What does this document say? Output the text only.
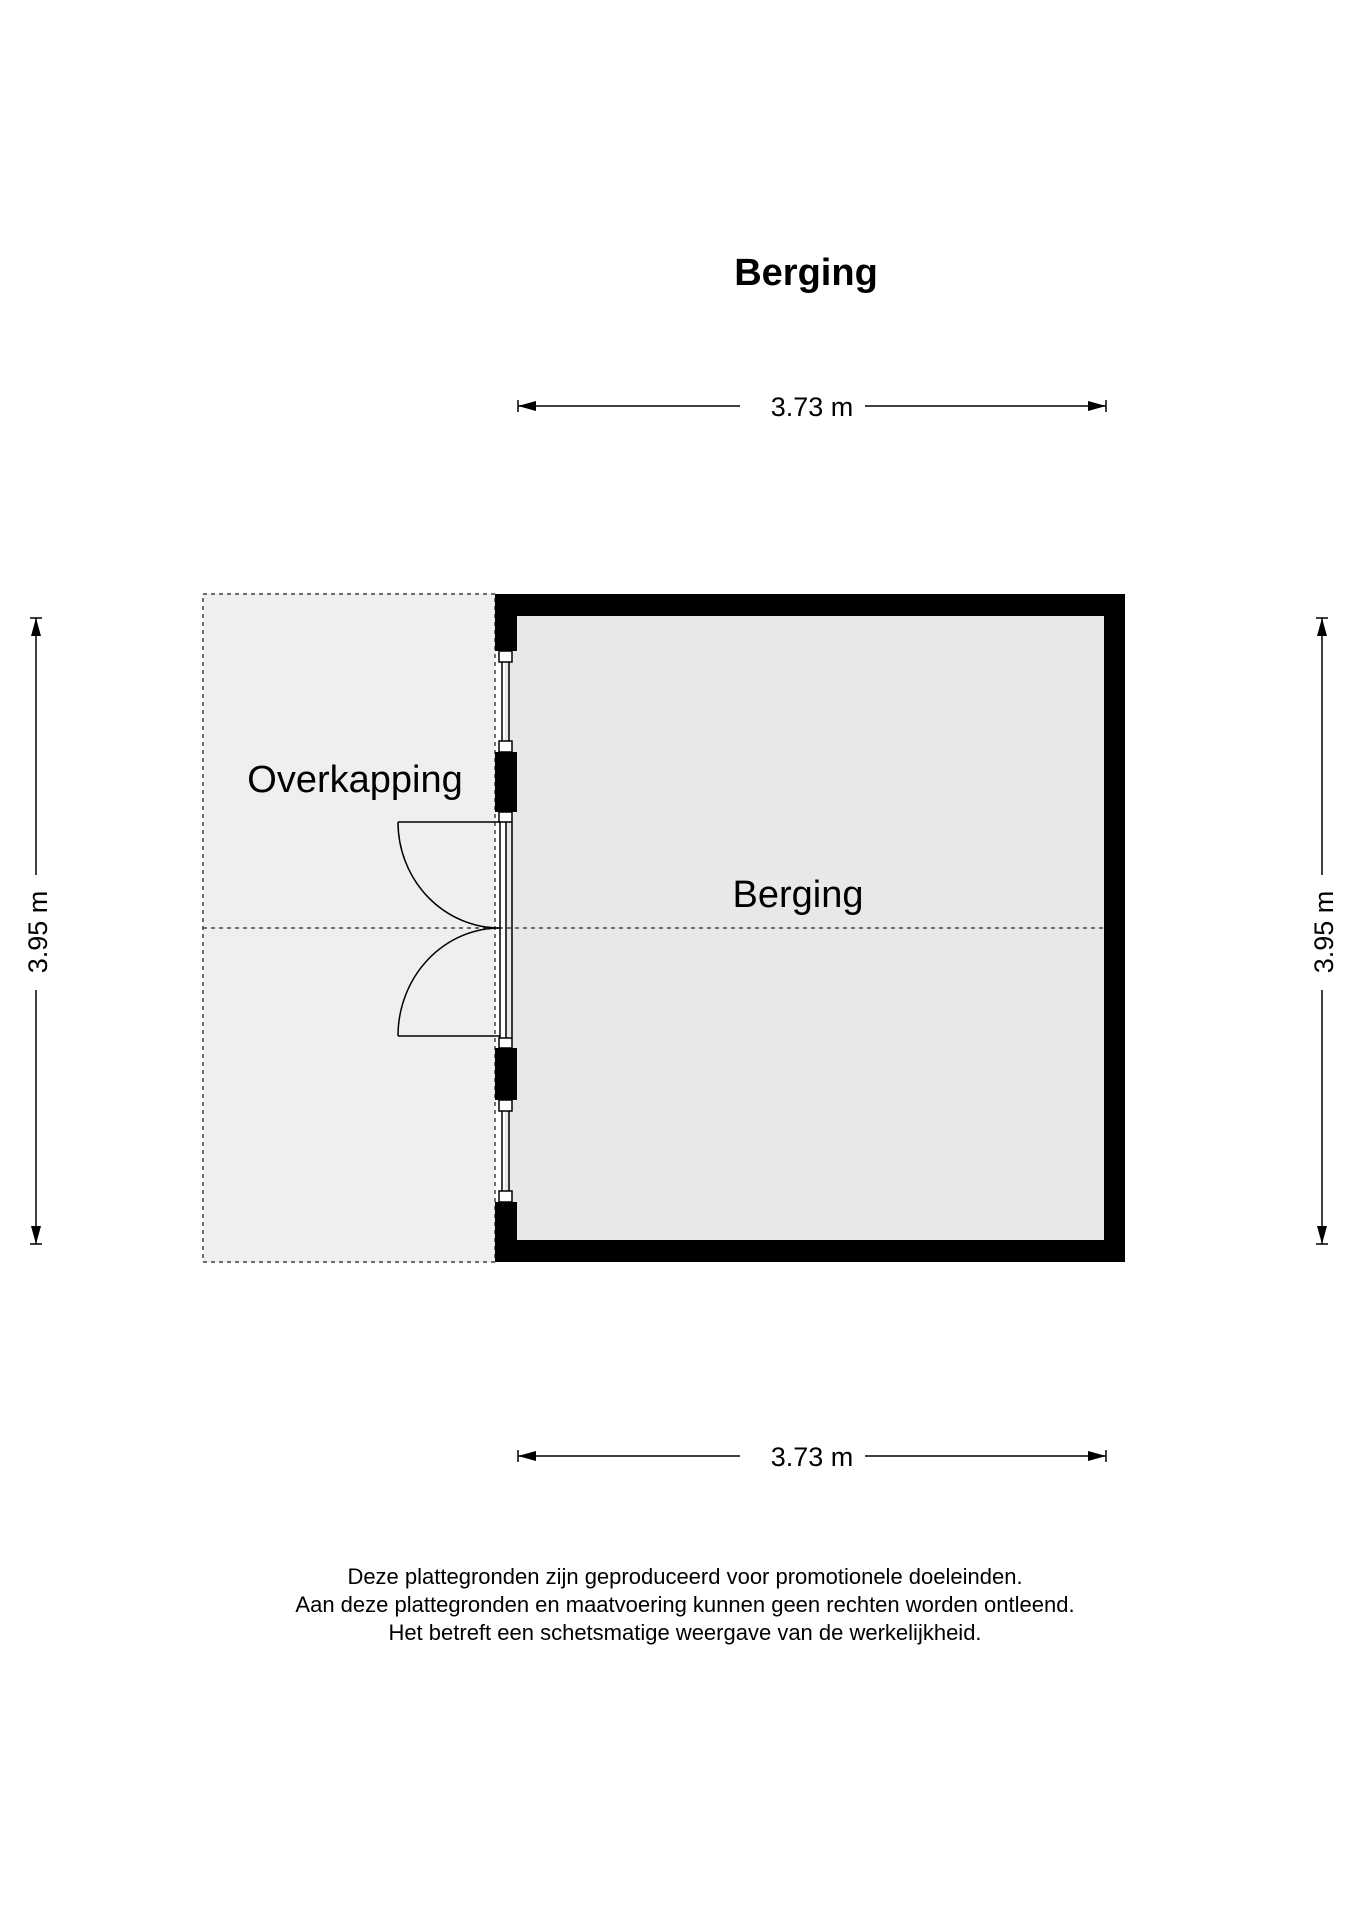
Berging
Overkapping
Berging
3.73 m
3.73 m
3.95 m	3.95 m
Deze plattegronden zijn geproduceerd voor promotionele doeleinden.
Aan deze plattegronden en maatvoering kunnen geen rechten worden ontleend.
Het betreft een schetsmatige weergave van de werkelijkheid.
